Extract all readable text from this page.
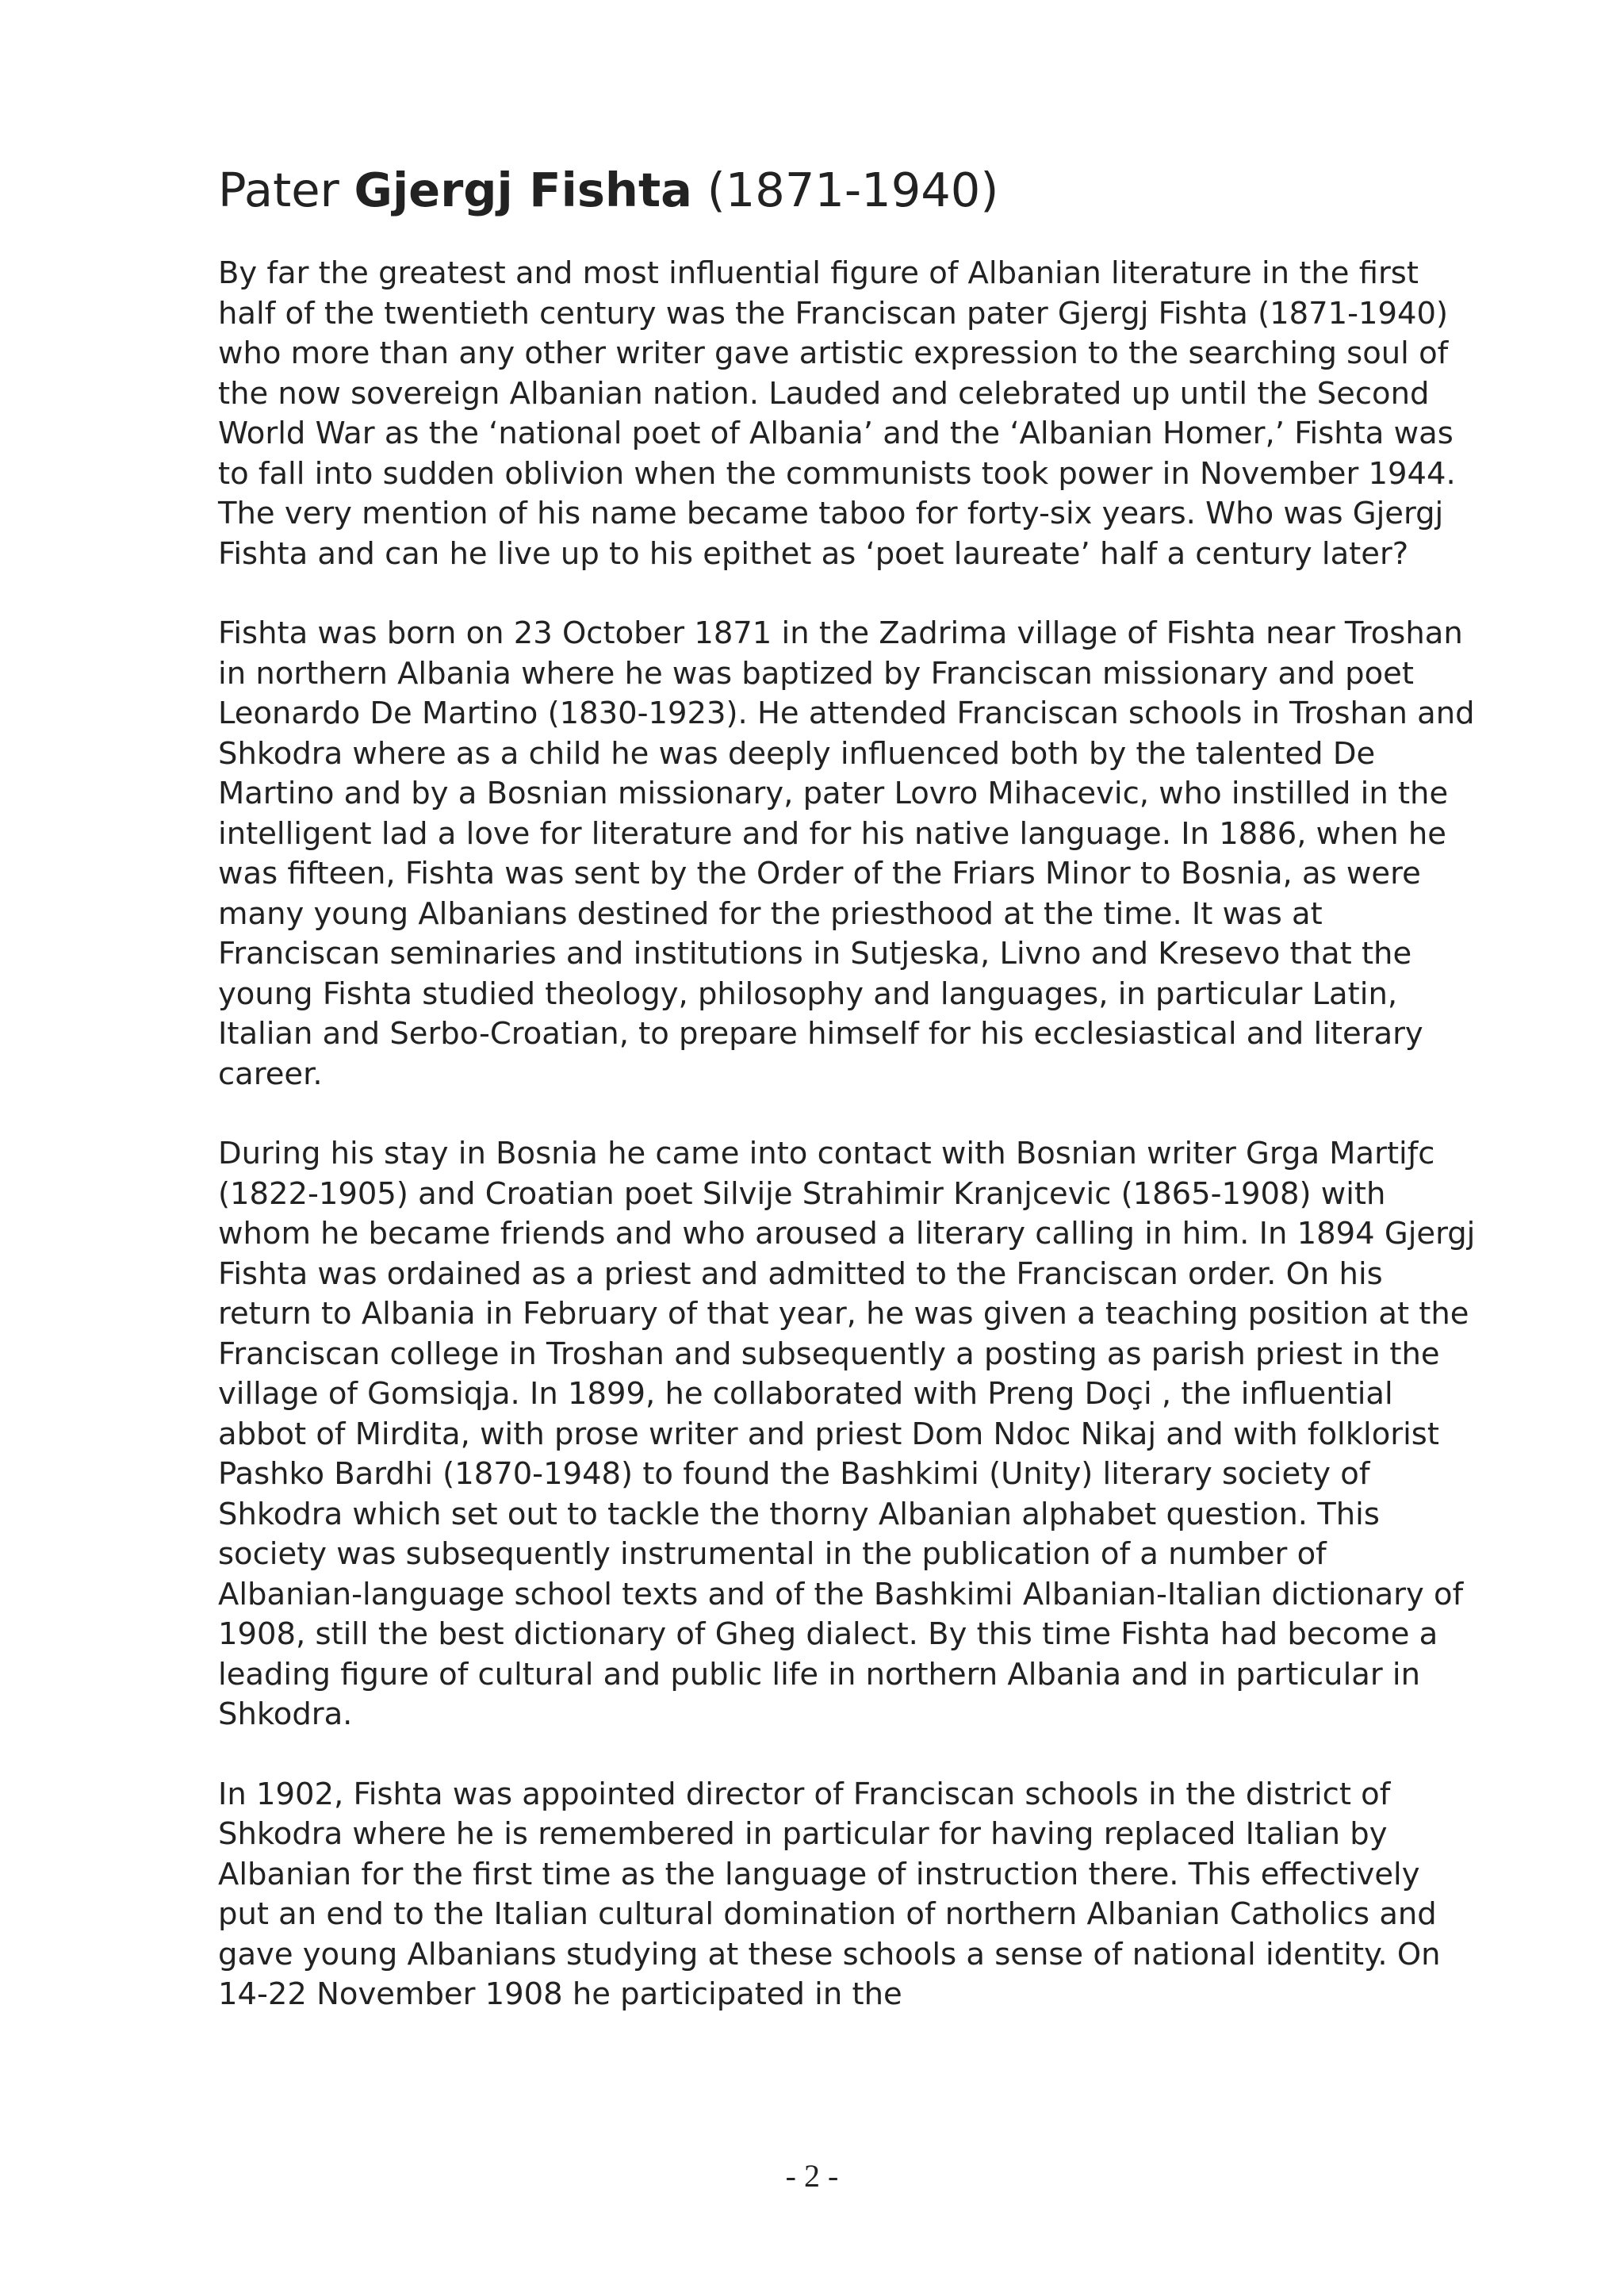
Pater Gjergj Fishta (1871-1940)

By far the greatest and most influential figure of Albanian literature in the first half of the twentieth century was the Franciscan pater Gjergj Fishta (1871-1940) who more than any other writer gave artistic expression to the searching soul of the now sovereign Albanian nation. Lauded and celebrated up until the Second World War as the ‘national poet of Albania’ and the ‘Albanian Homer,’ Fishta was to fall into sudden oblivion when the communists took power in November 1944. The very mention of his name became taboo for forty-six years. Who was Gjergj Fishta and can he live up to his epithet as ‘poet laureate’ half a century later?

Fishta was born on 23 October 1871 in the Zadrima village of Fishta near Troshan in northern Albania where he was baptized by Franciscan missionary and poet Leonardo De Martino (1830-1923). He attended Franciscan schools in Troshan and Shkodra where as a child he was deeply influenced both by the talented De Martino and by a Bosnian missionary, pater Lovro Mihacevic, who instilled in the intelligent lad a love for literature and for his native language. In 1886, when he was fifteen, Fishta was sent by the Order of the Friars Minor to Bosnia, as were many young Albanians destined for the priesthood at the time. It was at Franciscan seminaries and institutions in Sutjeska, Livno and Kresevo that the young Fishta studied theology, philosophy and languages, in particular Latin, Italian and Serbo-Croatian, to prepare himself for his ecclesiastical and literary career.

During his stay in Bosnia he came into contact with Bosnian writer Grga Martiƒc (1822-1905) and Croatian poet Silvije Strahimir Kranjcevic (1865-1908) with whom he became friends and who aroused a literary calling in him. In 1894 Gjergj Fishta was ordained as a priest and admitted to the Franciscan order. On his return to Albania in February of that year, he was given a teaching position at the Franciscan college in Troshan and subsequently a posting as parish priest in the village of Gomsiqja. In 1899, he collaborated with Preng Doçi , the influential abbot of Mirdita, with prose writer and priest Dom Ndoc Nikaj and with folklorist Pashko Bardhi (1870-1948) to found the Bashkimi (Unity) literary society of Shkodra which set out to tackle the thorny Albanian alphabet question. This society was subsequently instrumental in the publication of a number of Albanian-language school texts and of the Bashkimi Albanian-Italian dictionary of 1908, still the best dictionary of Gheg dialect. By this time Fishta had become a leading figure of cultural and public life in northern Albania and in particular in Shkodra.

In 1902, Fishta was appointed director of Franciscan schools in the district of Shkodra where he is remembered in particular for having replaced Italian by Albanian for the first time as the language of instruction there. This effectively put an end to the Italian cultural domination of northern Albanian Catholics and gave young Albanians studying at these schools a sense of national identity. On 14-22 November 1908 he participated in the

- 2 -
